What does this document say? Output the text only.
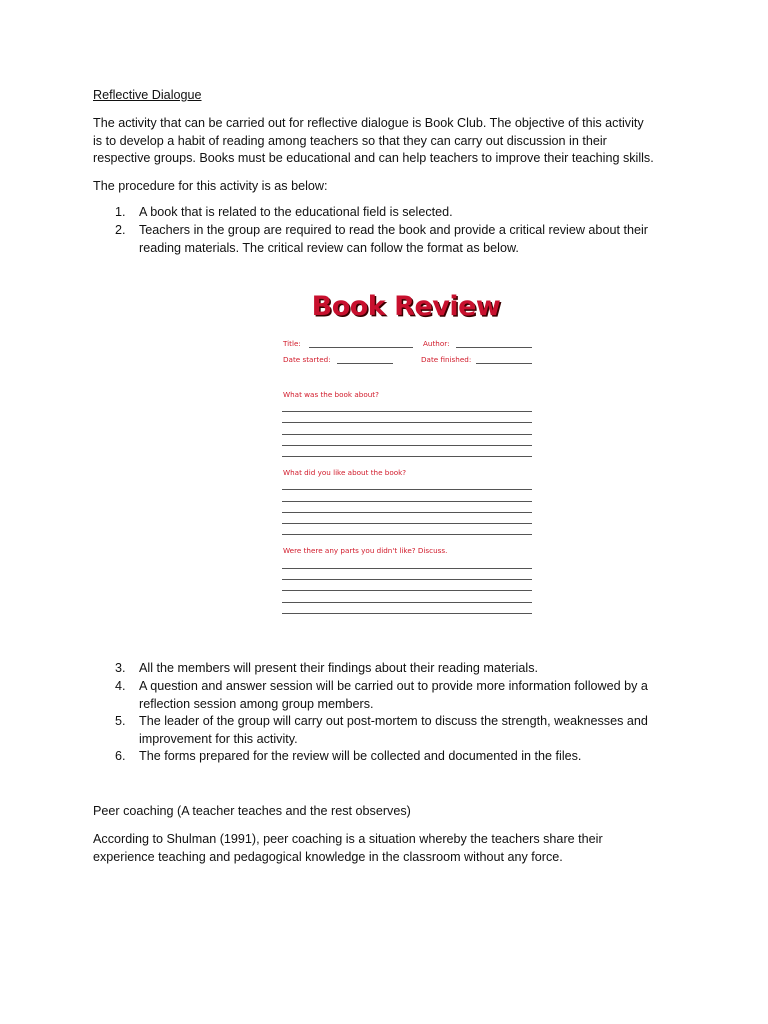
Reflective Dialogue
The activity that can be carried out for reflective dialogue is Book Club. The objective of this activity
is to develop a habit of reading among teachers so that they can carry out discussion in their
respective groups. Books must be educational and can help teachers to improve their teaching skills.
The procedure for this activity is as below:
1. A book that is related to the educational field is selected.
2. Teachers in the group are required to read the book and provide a critical review about their reading materials. The critical review can follow the format as below.
Book Review
Title:	Author:
Date started:	Date finished:
What was the book about?
What did you like about the book?
Were there any parts you didn't like? Discuss.
3. All the members will present their findings about their reading materials.
4. A question and answer session will be carried out to provide more information followed by a reflection session among group members.
5. The leader of the group will carry out post-mortem to discuss the strength, weaknesses and improvement for this activity.
6. The forms prepared for the review will be collected and documented in the files.
Peer coaching (A teacher teaches and the rest observes)
According to Shulman (1991), peer coaching is a situation whereby the teachers share their
experience teaching and pedagogical knowledge in the classroom without any force.
